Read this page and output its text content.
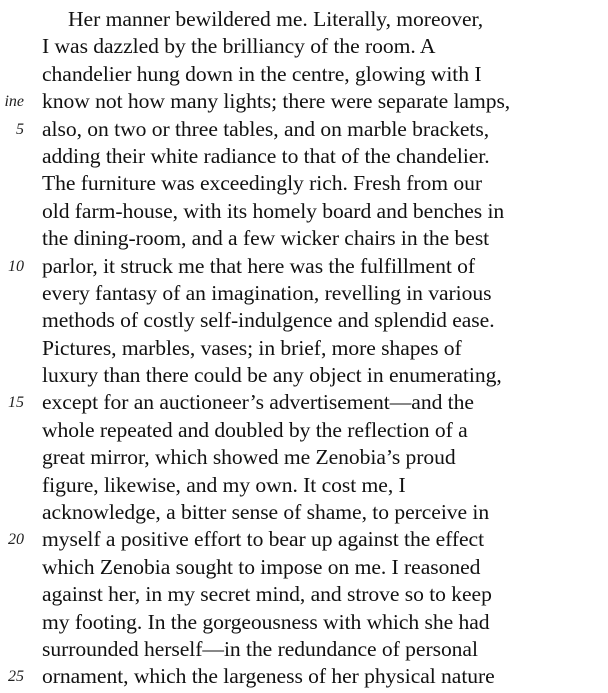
Her manner bewildered me. Literally, moreover,
I was dazzled by the brilliancy of the room. A
chandelier hung down in the centre, glowing with I
ine know not how many lights; there were separate lamps,
5 also, on two or three tables, and on marble brackets,
adding their white radiance to that of the chandelier.
The furniture was exceedingly rich. Fresh from our
old farm-house, with its homely board and benches in
the dining-room, and a few wicker chairs in the best
10 parlor, it struck me that here was the fulfillment of
every fantasy of an imagination, revelling in various
methods of costly self-indulgence and splendid ease.
Pictures, marbles, vases; in brief, more shapes of
luxury than there could be any object in enumerating,
15 except for an auctioneer’s advertisement—and the
whole repeated and doubled by the reflection of a
great mirror, which showed me Zenobia’s proud
figure, likewise, and my own. It cost me, I
acknowledge, a bitter sense of shame, to perceive in
20 myself a positive effort to bear up against the effect
which Zenobia sought to impose on me. I reasoned
against her, in my secret mind, and strove so to keep
my footing. In the gorgeousness with which she had
surrounded herself—in the redundance of personal
25 ornament, which the largeness of her physical nature
